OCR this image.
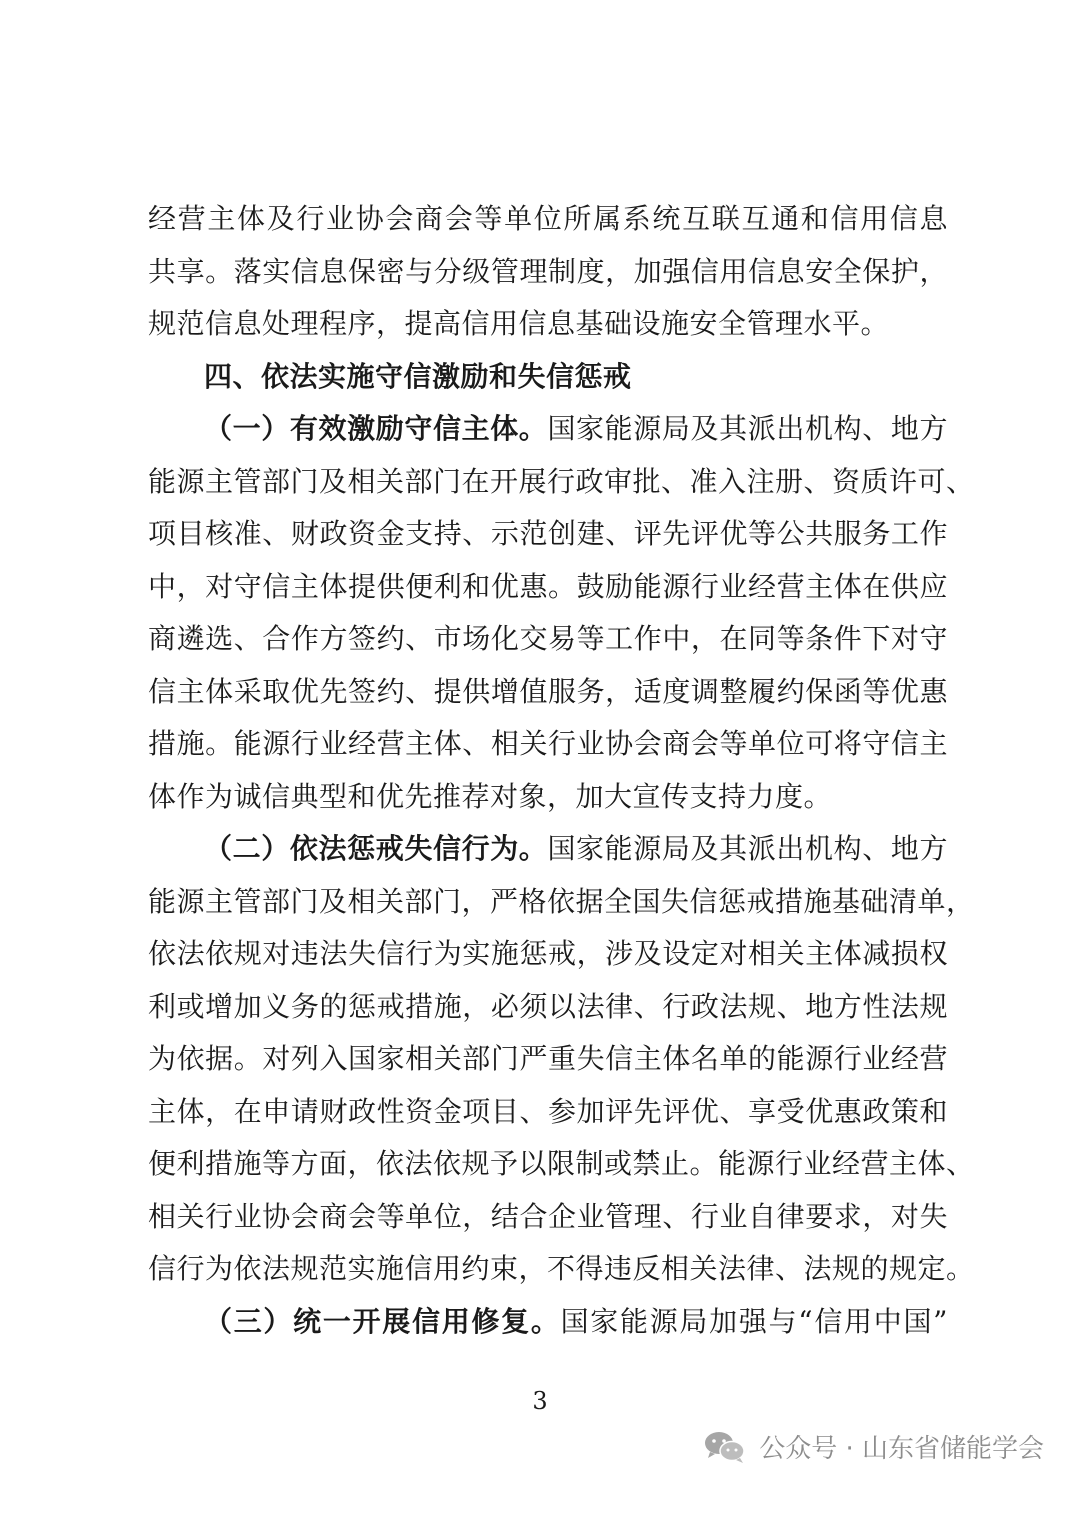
经营主体及行业协会商会等单位所属系统互联互通和信用信息
共享。落实信息保密与分级管理制度，加强信用信息安全保护，
规范信息处理程序，提高信用信息基础设施安全管理水平。
四、依法实施守信激励和失信惩戒
（一）有效激励守信主体。国家能源局及其派出机构、地方
能源主管部门及相关部门在开展行政审批、准入注册、资质许可、
项目核准、财政资金支持、示范创建、评先评优等公共服务工作
中，对守信主体提供便利和优惠。鼓励能源行业经营主体在供应
商遴选、合作方签约、市场化交易等工作中，在同等条件下对守
信主体采取优先签约、提供增值服务，适度调整履约保函等优惠
措施。能源行业经营主体、相关行业协会商会等单位可将守信主
体作为诚信典型和优先推荐对象，加大宣传支持力度。
（二）依法惩戒失信行为。国家能源局及其派出机构、地方
能源主管部门及相关部门，严格依据全国失信惩戒措施基础清单，
依法依规对违法失信行为实施惩戒，涉及设定对相关主体减损权
利或增加义务的惩戒措施，必须以法律、行政法规、地方性法规
为依据。对列入国家相关部门严重失信主体名单的能源行业经营
主体，在申请财政性资金项目、参加评先评优、享受优惠政策和
便利措施等方面，依法依规予以限制或禁止。能源行业经营主体、
相关行业协会商会等单位，结合企业管理、行业自律要求，对失
信行为依法规范实施信用约束，不得违反相关法律、法规的规定。
（三）统一开展信用修复。国家能源局加强与“信用中国”
3
公众号 · 山东省储能学会
